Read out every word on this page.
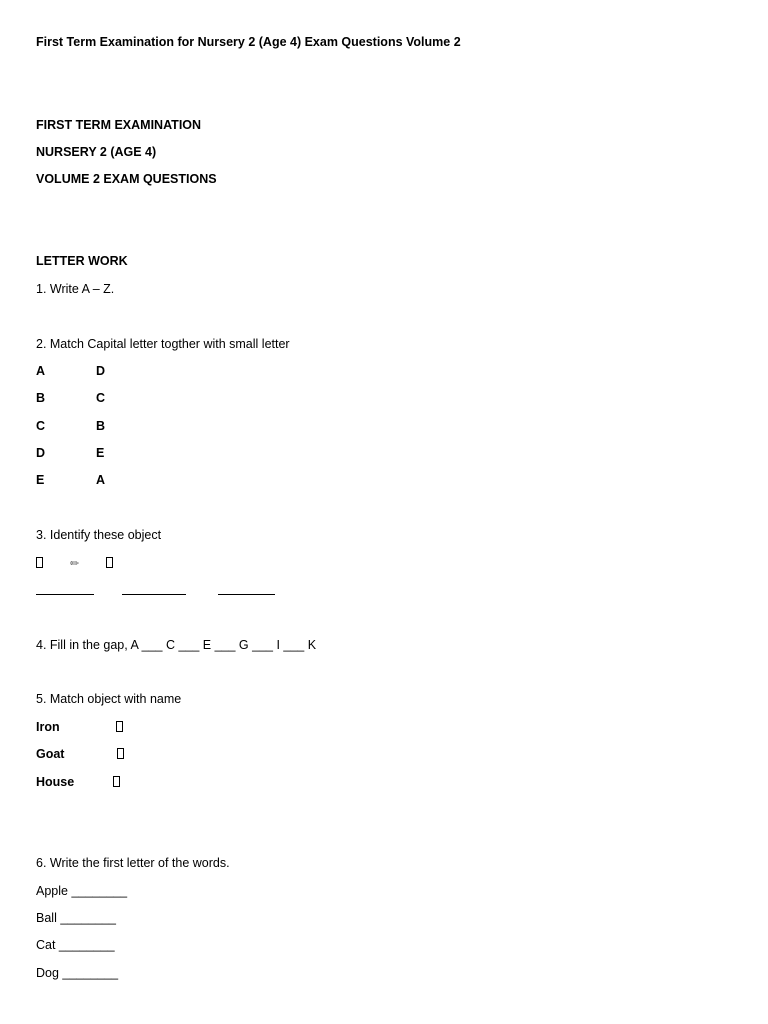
First Term Examination for Nursery 2 (Age 4) Exam Questions Volume 2
FIRST TERM EXAMINATION
NURSERY 2 (AGE 4)
VOLUME 2 EXAM QUESTIONS
LETTER WORK
1. Write A – Z.
2. Match Capital letter togther with small letter
A	D
B	C
C	B
D	E
E	A
3. Identify these object
✏
4. Fill in the gap, A ___ C ___ E ___ G ___ I ___ K
5. Match object with name
Iron
Goat
House
6. Write the first letter of the words.
Apple ________
Ball ________
Cat ________
Dog ________
